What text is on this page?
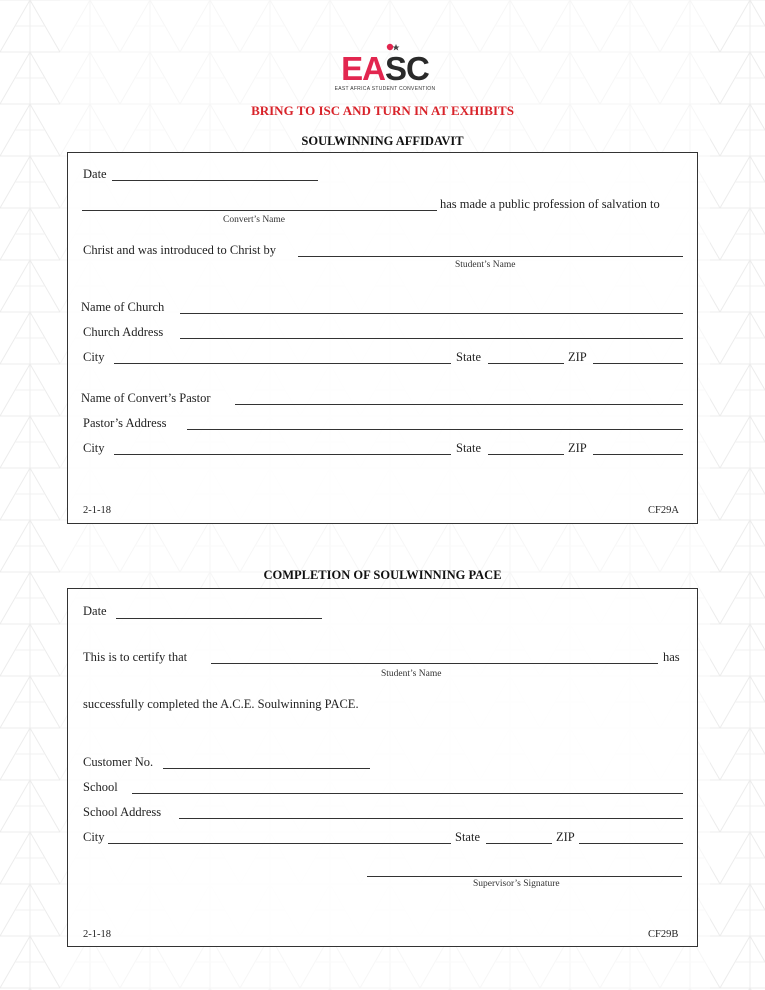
EASC
EAST AFRICA STUDENT CONVENTION
BRING TO ISC AND TURN IN AT EXHIBITS
SOULWINNING AFFIDAVIT
Date
has made a public profession of salvation to
Convert’s Name
Christ and was introduced to Christ by
Student’s Name
Name of Church
Church Address
City	State	ZIP
Name of Convert’s Pastor
Pastor’s Address
City	State	ZIP
2-1-18	CF29A
COMPLETION OF SOULWINNING PACE
Date
This is to certify that	has
Student’s Name
successfully completed the A.C.E. Soulwinning PACE.
Customer No.
School
School Address
City	State	ZIP
Supervisor’s Signature
2-1-18	CF29B
